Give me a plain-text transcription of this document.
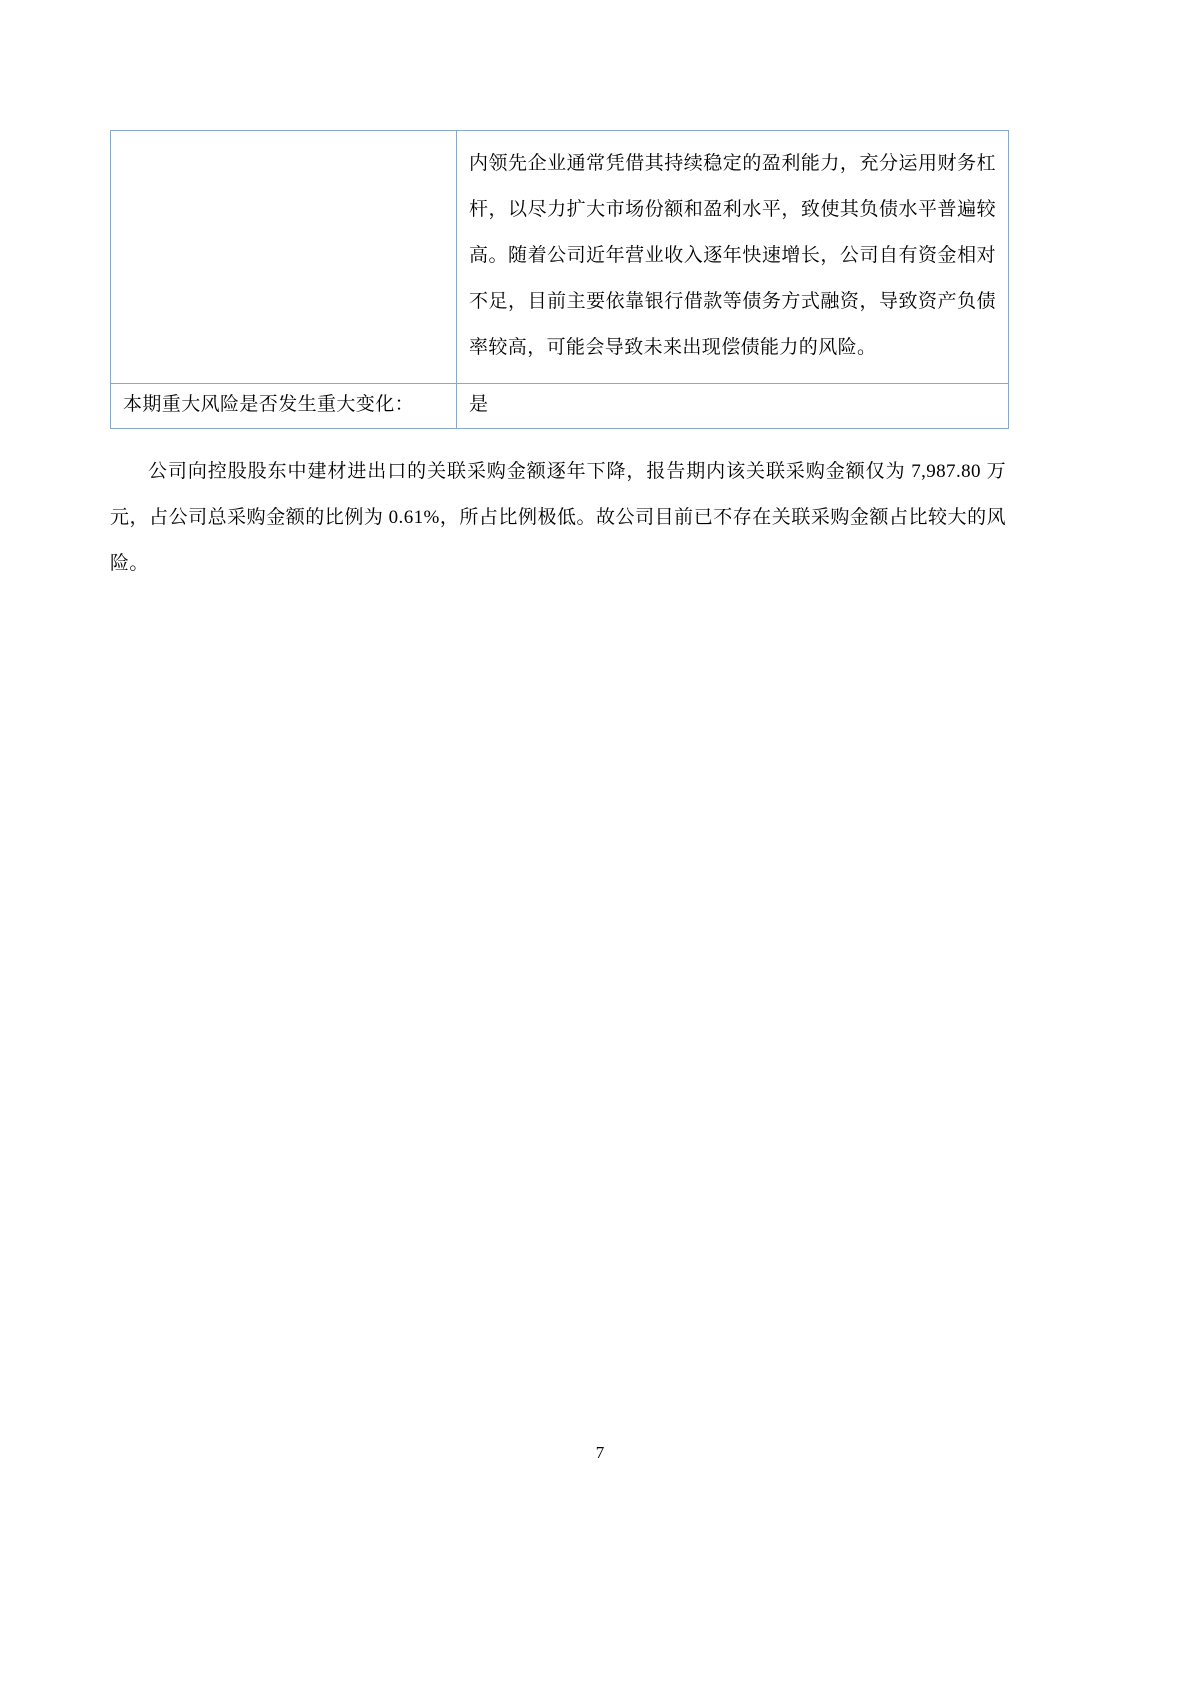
	内领先企业通常凭借其持续稳定的盈利能力，充分运用财务杠杆，以尽力扩大市场份额和盈利水平，致使其负债水平普遍较高。随着公司近年营业收入逐年快速增长，公司自有资金相对不足，目前主要依靠银行借款等债务方式融资，导致资产负债率较高，可能会导致未来出现偿债能力的风险。

本期重大风险是否发生重大变化：	是
公司向控股股东中建材进出口的关联采购金额逐年下降，报告期内该关联采购金额仅为 7,987.80 万元，占公司总采购金额的比例为 0.61%，所占比例极低。故公司目前已不存在关联采购金额占比较大的风险。
7
